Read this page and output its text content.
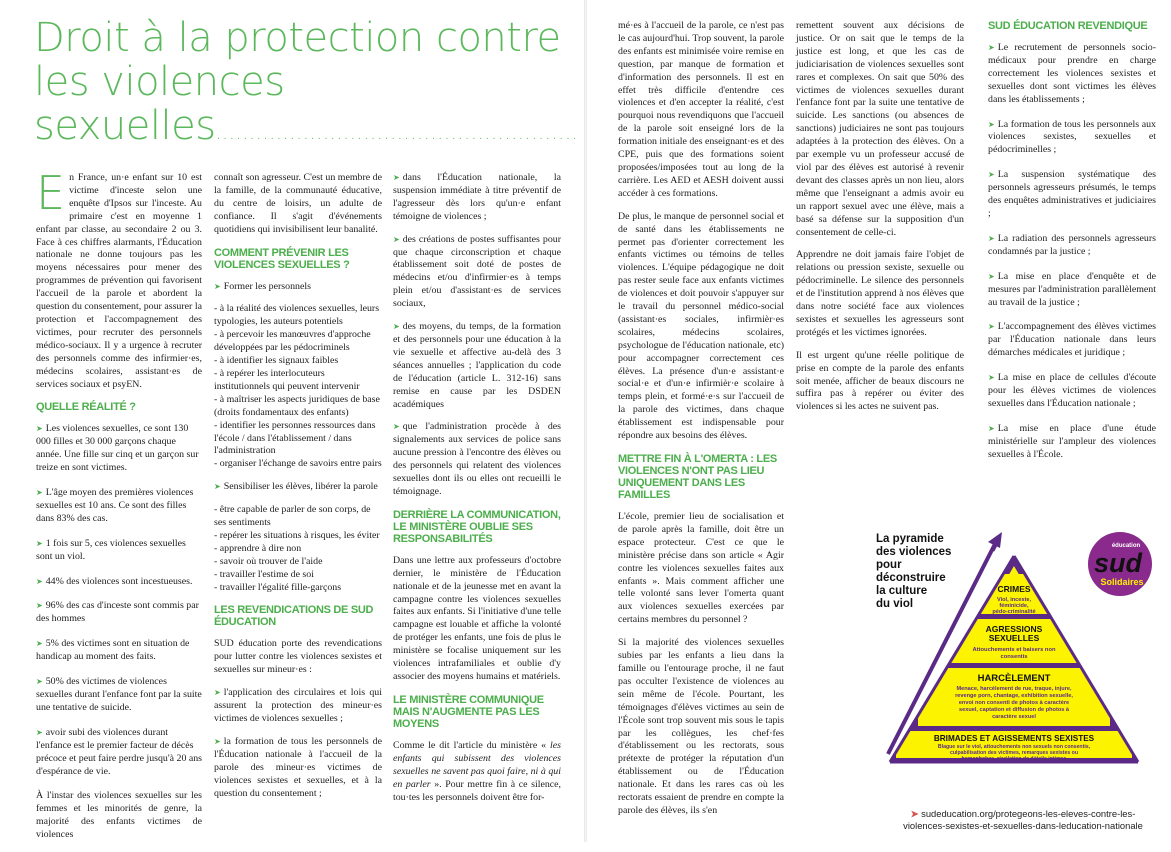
Droit à la protection contre les violences sexuelles......................................................

En France, un·e enfant sur 10 est victime d'inceste selon une enquête d'Ipsos sur l'inceste. Au primaire c'est en moyenne 1 enfant par classe, au secondaire 2 ou 3. Face à ces chiffres alarmants, l'Éducation nationale ne donne toujours pas les moyens nécessaires pour mener des programmes de prévention qui favorisent l'accueil de la parole et abordent la question du consentement, pour assurer la protection et l'accompagnement des victimes, pour recruter des personnels médico-sociaux. Il y a urgence à recruter des personnels comme des infirmier·es, médecins scolaires, assistant·es de services sociaux et psyEN.

QUELLE RÉALITÉ ?

➤ Les violences sexuelles, ce sont 130 000 filles et 30 000 garçons chaque année. Une fille sur cinq et un garçon sur treize en sont victimes.

➤ L'âge moyen des premières violences sexuelles est 10 ans. Ce sont des filles dans 83% des cas.

➤ 1 fois sur 5, ces violences sexuelles sont un viol.

➤ 44% des violences sont incestueuses.

➤ 96% des cas d'inceste sont commis par des hommes

➤ 5% des victimes sont en situation de handicap au moment des faits.

➤ 50% des victimes de violences sexuelles durant l'enfance font par la suite une tentative de suicide.

➤ avoir subi des violences durant l'enfance est le premier facteur de décès précoce et peut faire perdre jusqu'à 20 ans d'espérance de vie.

À l'instar des violences sexuelles sur les femmes et les minorités de genre, la majorité des enfants victimes de violences

connaît son agresseur. C'est un membre de la famille, de la communauté éducative, du centre de loisirs, un adulte de confiance. Il s'agit d'événements quotidiens qui invisibilisent leur banalité.

COMMENT PRÉVENIR LES VIOLENCES SEXUELLES ?

➤ Former les personnels

- à la réalité des violences sexuelles, leurs typologies, les auteurs potentiels

- à percevoir les manœuvres d'approche développées par les pédocriminels

- à identifier les signaux faibles

- à repérer les interlocuteurs institutionnels qui peuvent intervenir

- à maîtriser les aspects juridiques de base (droits fondamentaux des enfants)

- identifier les personnes ressources dans l'école / dans l'établissement / dans l'administration

- organiser l'échange de savoirs entre pairs

➤ Sensibiliser les élèves, libérer la parole

- être capable de parler de son corps, de ses sentiments

- repérer les situations à risques, les éviter

- apprendre à dire non

- savoir où trouver de l'aide

- travailler l'estime de soi

- travailler l'égalité fille-garçons

LES REVENDICATIONS DE SUD ÉDUCATION

SUD éducation porte des revendications pour lutter contre les violences sexistes et sexuelles sur mineur·es :

➤ l'application des circulaires et lois qui assurent la protection des mineur·es victimes de violences sexuelles ;

➤ la formation de tous les personnels de l'Éducation nationale à l'accueil de la parole des mineur·es victimes de violences sexistes et sexuelles, et à la question du consentement ;

➤ dans l'Éducation nationale, la suspension immédiate à titre préventif de l'agresseur dès lors qu'un·e enfant témoigne de violences ;

➤ des créations de postes suffisantes pour que chaque circonscription et chaque établissement soit doté de postes de médecins et/ou d'infirmier·es à temps plein et/ou d'assistant·es de services sociaux,

➤ des moyens, du temps, de la formation et des personnels pour une éducation à la vie sexuelle et affective au-delà des 3 séances annuelles ; l'application du code de l'éducation (article L. 312-16) sans remise en cause par les DSDEN académiques

➤ que l'administration procède à des signalements aux services de police sans aucune pression à l'encontre des élèves ou des personnels qui relatent des violences sexuelles dont ils ou elles ont recueilli le témoignage.

DERRIÈRE LA COMMUNICATION, LE MINISTÈRE OUBLIE SES RESPONSABILITÉS

Dans une lettre aux professeurs d'octobre dernier, le ministère de l'Éducation nationale et de la jeunesse met en avant la campagne contre les violences sexuelles faites aux enfants. Si l'initiative d'une telle campagne est louable et affiche la volonté de protéger les enfants, une fois de plus le ministère se focalise uniquement sur les violences intrafamiliales et oublie d'y associer des moyens humains et matériels.

LE MINISTÈRE COMMUNIQUE MAIS N'AUGMENTE PAS LES MOYENS

Comme le dit l'article du ministère « les enfants qui subissent des violences sexuelles ne savent pas quoi faire, ni à qui en parler ». Pour mettre fin à ce silence, tou·tes les personnels doivent être for-

mé·es à l'accueil de la parole, ce n'est pas le cas aujourd'hui. Trop souvent, la parole des enfants est minimisée voire remise en question, par manque de formation et d'information des personnels. Il est en effet très difficile d'entendre ces violences et d'en accepter la réalité, c'est pourquoi nous revendiquons que l'accueil de la parole soit enseigné lors de la formation initiale des enseignant·es et des CPE, puis que des formations soient proposées/imposées tout au long de la carrière. Les AED et AESH doivent aussi accéder à ces formations.

De plus, le manque de personnel social et de santé dans les établissements ne permet pas d'orienter correctement les enfants victimes ou témoins de telles violences. L'équipe pédagogique ne doit pas rester seule face aux enfants victimes de violences et doit pouvoir s'appuyer sur le travail du personnel médico-social (assistant·es sociales, infirmièr·es scolaires, médecins scolaires, psychologue de l'éducation nationale, etc) pour accompagner correctement ces élèves. La présence d'un·e assistant·e social·e et d'un·e infirmièr·e scolaire à temps plein, et formé·e·s sur l'accueil de la parole des victimes, dans chaque établissement est indispensable pour répondre aux besoins des élèves.

METTRE FIN À L'OMERTA : LES VIOLENCES N'ONT PAS LIEU UNIQUEMENT DANS LES FAMILLES

L'école, premier lieu de socialisation et de parole après la famille, doit être un espace protecteur. C'est ce que le ministère précise dans son article « Agir contre les violences sexuelles faites aux enfants ». Mais comment afficher une telle volonté sans lever l'omerta quant aux violences sexuelles exercées par certains membres du personnel ?

Si la majorité des violences sexuelles subies par les enfants a lieu dans la famille ou l'entourage proche, il ne faut pas occulter l'existence de violences au sein même de l'école. Pourtant, les témoignages d'élèves victimes au sein de l'École sont trop souvent mis sous le tapis par les collègues, les chef·fes d'établissement ou les rectorats, sous prétexte de protéger la réputation d'un établissement ou de l'Éducation nationale. Et dans les rares cas où les rectorats essaient de prendre en compte la parole des élèves, ils s'en

remettent souvent aux décisions de justice. Or on sait que le temps de la justice est long, et que les cas de judiciarisation de violences sexuelles sont rares et complexes. On sait que 50% des victimes de violences sexuelles durant l'enfance font par la suite une tentative de suicide. Les sanctions (ou absences de sanctions) judiciaires ne sont pas toujours adaptées à la protection des élèves. On a par exemple vu un professeur accusé de viol par des élèves est autorisé à revenir devant des classes après un non lieu, alors même que l'enseignant a admis avoir eu un rapport sexuel avec une élève, mais a basé sa défense sur la supposition d'un consentement de celle-ci.

Apprendre ne doit jamais faire l'objet de relations ou pression sexiste, sexuelle ou pédocriminelle. Le silence des personnels et de l'institution apprend à nos élèves que dans notre société face aux violences sexistes et sexuelles les agresseurs sont protégés et les victimes ignorées.

Il est urgent qu'une réelle politique de prise en compte de la parole des enfants soit menée, afficher de beaux discours ne suffira pas à repérer ou éviter des violences si les actes ne suivent pas.

SUD ÉDUCATION REVENDIQUE

➤ Le recrutement de personnels socio-médicaux pour prendre en charge correctement les violences sexistes et sexuelles dont sont victimes les élèves dans les établissements ;

➤ La formation de tous les personnels aux violences sexistes, sexuelles et pédocriminelles ;

➤ La suspension systématique des personnels agresseurs présumés, le temps des enquêtes administratives et judiciaires ;

➤ La radiation des personnels agresseurs condamnés par la justice ;

➤ La mise en place d'enquête et de mesures par l'administration parallèlement au travail de la justice ;

➤ L'accompagnement des élèves victimes par l'Éducation nationale dans leurs démarches médicales et juridique ;

➤ La mise en place de cellules d'écoute pour les élèves victimes de violences sexuelles dans l'Éducation nationale ;

➤ La mise en place d'une étude ministérielle sur l'ampleur des violences sexuelles à l'École.

La pyramide
des violences
pour
déconstruire
la culture
du viol
éducation
sud
Solidaires
CRIMES
Viol, inceste,
féminicide,
pédo-criminalité
AGRESSIONS
SEXUELLES
Attouchements et baisers non
consentis
HARCÈLEMENT
Menace, harcèlement de rue, traque, injure,
revenge porn, chantage, exhibition sexuelle,
envoi non consenti de photos à caractère
sexuel, captation et diffusion de photos à
caractère sexuel
BRIMADES ET AGISSEMENTS SEXISTES
Blague sur le viol, attouchements non sexuels non consentis,
culpabilisation des victimes, remarques sexistes ou
homophobes, révélation de détails intimes
➤ sudeducation.org/protegeons-les-eleves-contre-les-
violences-sexistes-et-sexuelles-dans-leducation-nationale
